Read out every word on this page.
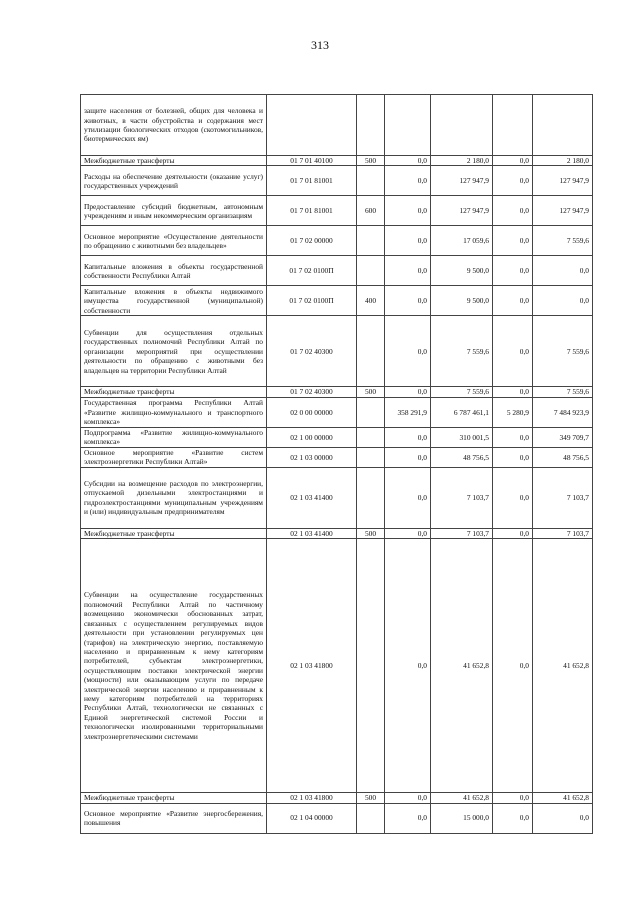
313
защите населения от болезней, общих для человека и животных, в части обустройства и содержания мест утилизации биологических отходов (скотомогильников, биотермических ям)						
Межбюджетные трансферты	01 7 01 40100	500	0,0	2 180,0	0,0	2 180,0
Расходы на обеспечение деятельности (оказание услуг) государственных учреждений	01 7 01 81001		0,0	127 947,9	0,0	127 947,9
Предоставление субсидий бюджетным, автономным учреждениям и иным некоммерческим организациям	01 7 01 81001	600	0,0	127 947,9	0,0	127 947,9
Основное мероприятие «Осуществление деятельности по обращению с животными без владельцев»	01 7 02 00000		0,0	17 059,6	0,0	7 559,6
Капитальные вложения в объекты государственной собственности Республики Алтай	01 7 02 0100П		0,0	9 500,0	0,0	0,0
Капитальные вложения в объекты недвижимого имущества государственной (муниципальной) собственности	01 7 02 0100П	400	0,0	9 500,0	0,0	0,0
Субвенции для осуществления отдельных государственных полномочий Республики Алтай по организации мероприятий при осуществлении деятельности по обращению с животными без владельцев на территории Республики Алтай	01 7 02 40300		0,0	7 559,6	0,0	7 559,6
Межбюджетные трансферты	01 7 02 40300	500	0,0	7 559,6	0,0	7 559,6
Государственная программа Республики Алтай «Развитие жилищно-коммунального и транспортного комплекса»	02 0 00 00000		358 291,9	6 787 461,1	5 280,9	7 484 923,9
Подпрограмма «Развитие жилищно-коммунального комплекса»	02 1 00 00000		0,0	310 001,5	0,0	349 709,7
Основное мероприятие «Развитие систем электроэнергетики Республики Алтай»	02 1 03 00000		0,0	48 756,5	0,0	48 756,5
Субсидии на возмещение расходов по электроэнергии, отпускаемой дизельными электростанциями и гидроэлектростанциями муниципальным учреждениям и (или) индивидуальным предпринимателям	02 1 03 41400		0,0	7 103,7	0,0	7 103,7
Межбюджетные трансферты	02 1 03 41400	500	0,0	7 103,7	0,0	7 103,7
Субвенции на осуществление государственных полномочий Республики Алтай по частичному возмещению экономически обоснованных затрат, связанных с осуществлением регулируемых видов деятельности при установлении регулируемых цен (тарифов) на электрическую энергию, поставляемую населению и приравненным к нему категориям потребителей, субъектам электроэнергетики, осуществляющим поставки электрической энергии (мощности) или оказывающим услуги по передаче электрической энергии населению и приравненным к нему категориям потребителей на территориях Республики Алтай, технологически не связанных с Единой энергетической системой России и технологически изолированными территориальными электроэнергетическими системами	02 1 03 41800		0,0	41 652,8	0,0	41 652,8
Межбюджетные трансферты	02 1 03 41800	500	0,0	41 652,8	0,0	41 652,8
Основное мероприятие «Развитие энергосбережения, повышения	02 1 04 00000		0,0	15 000,0	0,0	0,0
